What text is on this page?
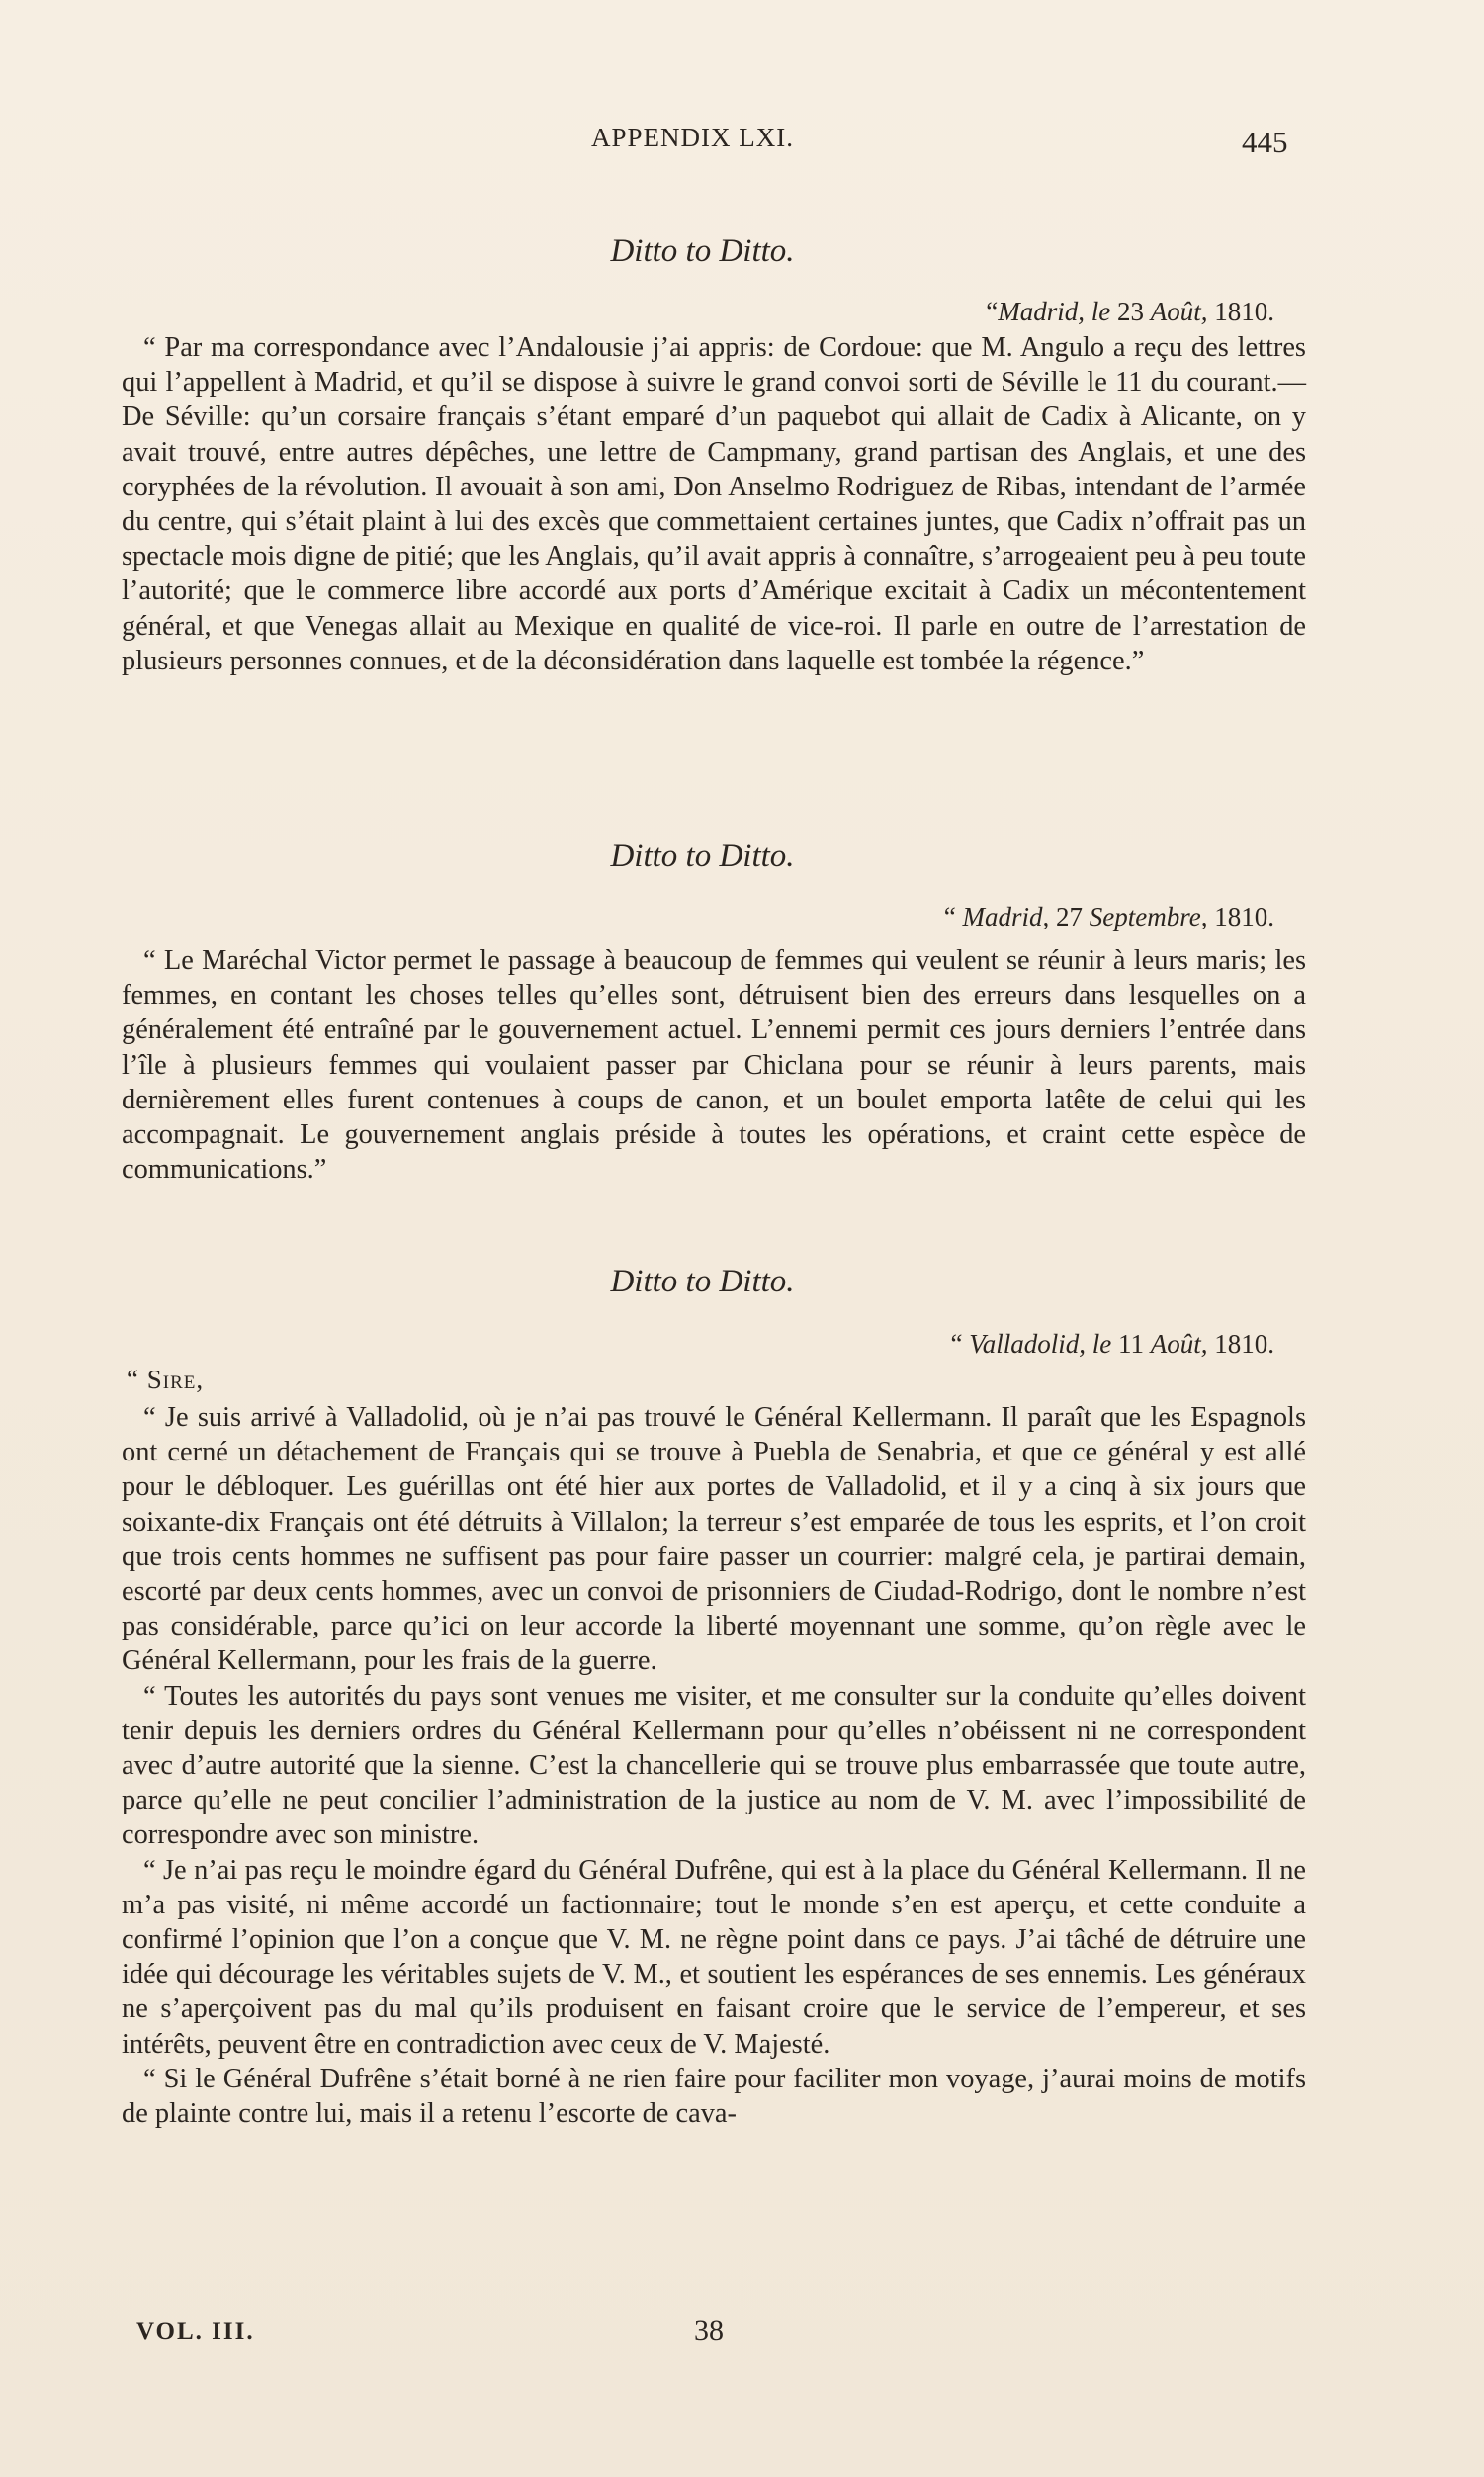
APPENDIX LXI.	445
Ditto to Ditto.
“Madrid, le 23 Août, 1810.

“ Par ma correspondance avec l’Andalousie j’ai appris: de Cordoue: que M. Angulo a reçu des lettres qui l’appellent à Madrid, et qu’il se dispose à suivre le grand convoi sorti de Séville le 11 du courant.—De Séville: qu’un corsaire français s’étant emparé d’un paquebot qui allait de Cadix à Alicante, on y avait trouvé, entre autres dépêches, une lettre de Campmany, grand partisan des Anglais, et une des coryphées de la révolution. Il avouait à son ami, Don Anselmo Rodriguez de Ribas, intendant de l’armée du centre, qui s’était plaint à lui des excès que commettaient certaines juntes, que Cadix n’offrait pas un spectacle mois digne de pitié; que les Anglais, qu’il avait appris à connaître, s’arrogeaient peu à peu toute l’autorité; que le commerce libre accordé aux ports d’Amérique excitait à Cadix un mécontentement général, et que Venegas allait au Mexique en qualité de vice-roi. Il parle en outre de l’arrestation de plusieurs personnes connues, et de la déconsidération dans laquelle est tombée la régence.”

Ditto to Ditto.
“ Madrid, 27 Septembre, 1810.

“ Le Maréchal Victor permet le passage à beaucoup de femmes qui veulent se réunir à leurs maris; les femmes, en contant les choses telles qu’elles sont, détruisent bien des erreurs dans lesquelles on a généralement été entraîné par le gouvernement actuel. L’ennemi permit ces jours derniers l’entrée dans l’île à plusieurs femmes qui voulaient passer par Chiclana pour se réunir à leurs parents, mais dernièrement elles furent contenues à coups de canon, et un boulet emporta latête de celui qui les accompagnait. Le gouvernement anglais préside à toutes les opérations, et craint cette espèce de communications.”

Ditto to Ditto.
“ Valladolid, le 11 Août, 1810.
“ Sire,

“ Je suis arrivé à Valladolid, où je n’ai pas trouvé le Général Kellermann. Il paraît que les Espagnols ont cerné un détachement de Français qui se trouve à Puebla de Senabria, et que ce général y est allé pour le débloquer. Les guérillas ont été hier aux portes de Valladolid, et il y a cinq à six jours que soixante-dix Français ont été détruits à Villalon; la terreur s’est emparée de tous les esprits, et l’on croit que trois cents hommes ne suffisent pas pour faire passer un courrier: malgré cela, je partirai demain, escorté par deux cents hommes, avec un convoi de prisonniers de Ciudad-Rodrigo, dont le nombre n’est pas considérable, parce qu’ici on leur accorde la liberté moyennant une somme, qu’on règle avec le Général Kellermann, pour les frais de la guerre.

“ Toutes les autorités du pays sont venues me visiter, et me consulter sur la conduite qu’elles doivent tenir depuis les derniers ordres du Général Kellermann pour qu’elles n’obéissent ni ne correspondent avec d’autre autorité que la sienne. C’est la chancellerie qui se trouve plus embarrassée que toute autre, parce qu’elle ne peut concilier l’administration de la justice au nom de V. M. avec l’impossibilité de correspondre avec son ministre.

“ Je n’ai pas reçu le moindre égard du Général Dufrêne, qui est à la place du Général Kellermann. Il ne m’a pas visité, ni même accordé un factionnaire; tout le monde s’en est aperçu, et cette conduite a confirmé l’opinion que l’on a conçue que V. M. ne règne point dans ce pays. J’ai tâché de détruire une idée qui décourage les véritables sujets de V. M., et soutient les espérances de ses ennemis. Les généraux ne s’aperçoivent pas du mal qu’ils produisent en faisant croire que le service de l’empereur, et ses intérêts, peuvent être en contradiction avec ceux de V. Majesté.

“ Si le Général Dufrêne s’était borné à ne rien faire pour faciliter mon voyage, j’aurai moins de motifs de plainte contre lui, mais il a retenu l’escorte de cava-

VOL. III.	38
